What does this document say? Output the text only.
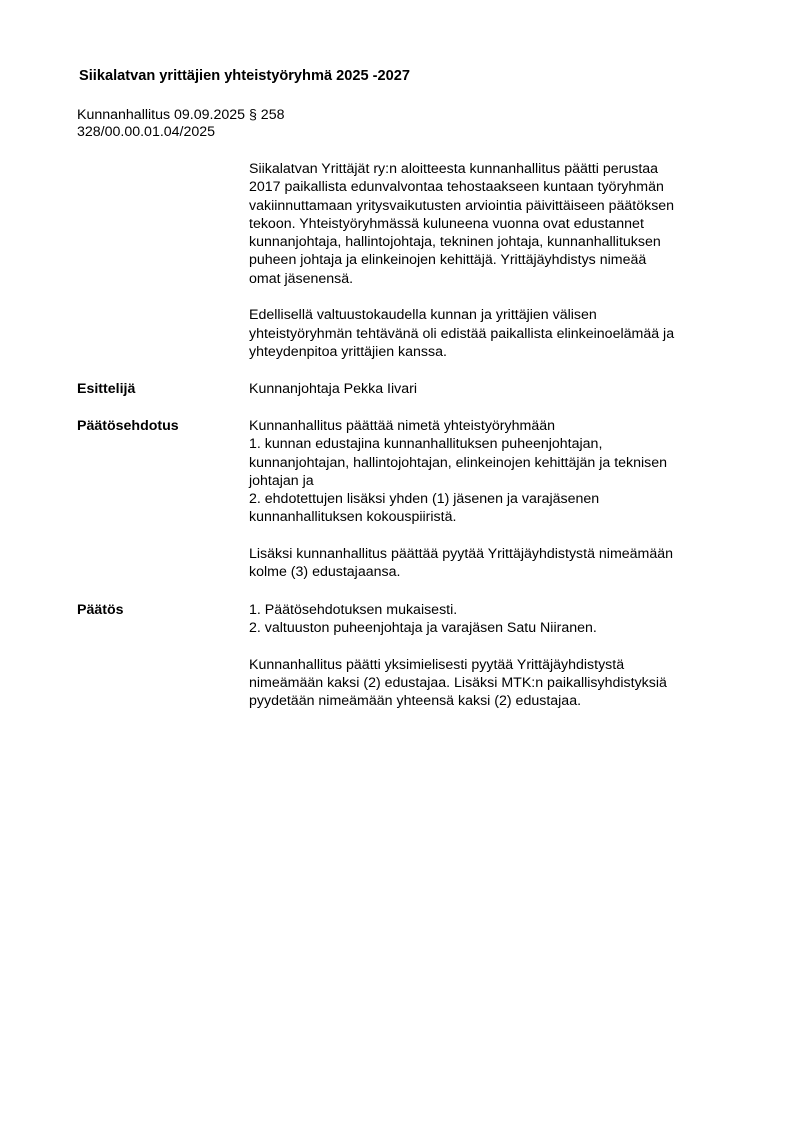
Siikalatvan yrittäjien yhteistyöryhmä 2025 -2027
Kunnanhallitus 09.09.2025 § 258
328/00.00.01.04/2025
Siikalatvan Yrittäjät ry:n aloitteesta kunnanhallitus päätti perustaa
2017 paikallista edunvalvontaa tehostaakseen kuntaan työryhmän
vakiinnuttamaan yritysvaikutusten arviointia päivittäiseen päätöksen
tekoon. Yhteistyöryhmässä kuluneena vuonna ovat edustannet
kunnanjohtaja, hallintojohtaja, tekninen johtaja, kunnanhallituksen
puheen johtaja ja elinkeinojen kehittäjä. Yrittäjäyhdistys nimeää
omat jäsenensä.
Edellisellä valtuustokaudella kunnan ja yrittäjien välisen
yhteistyöryhmän tehtävänä oli edistää paikallista elinkeinoelämää ja
yhteydenpitoa yrittäjien kanssa.
Esittelijä	Kunnanjohtaja Pekka Iivari
Päätösehdotus	Kunnanhallitus päättää nimetä yhteistyöryhmään
1. kunnan edustajina kunnanhallituksen puheenjohtajan,
kunnanjohtajan, hallintojohtajan, elinkeinojen kehittäjän ja teknisen
johtajan ja
2. ehdotettujen lisäksi yhden (1) jäsenen ja varajäsenen
kunnanhallituksen kokouspiiristä.
Lisäksi kunnanhallitus päättää pyytää Yrittäjäyhdistystä nimeämään
kolme (3) edustajaansa.
Päätös	1. Päätösehdotuksen mukaisesti.
2. valtuuston puheenjohtaja ja varajäsen Satu Niiranen.
Kunnanhallitus päätti yksimielisesti pyytää Yrittäjäyhdistystä
nimeämään kaksi (2) edustajaa. Lisäksi MTK:n paikallisyhdistyksiä
pyydetään nimeämään yhteensä kaksi (2) edustajaa.
